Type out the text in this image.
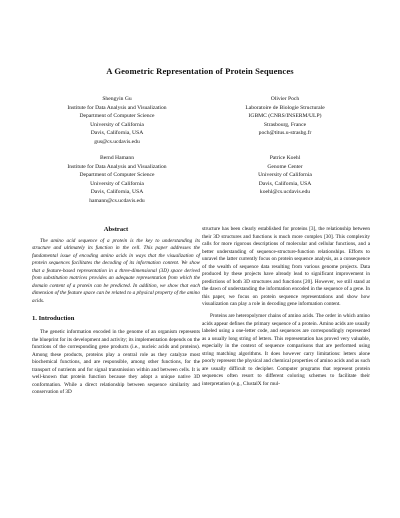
A Geometric Representation of Protein Sequences
Shengyin Gu
Institute for Data Analysis and Visualization
Department of Computer Science
University of California
Davis, California, USA
gus@cs.ucdavis.edu
Olivier Poch
Laboratoire de Biologie Structurale
IGBMC (CNRS/INSERM/ULP)
Strasbourg, France
poch@titus.u-strasbg.fr
Bernd Hamann
Institute for Data Analysis and Visualization
Department of Computer Science
University of California
Davis, California, USA
hamann@cs.ucdavis.edu
Patrice Koehl
Genome Center
University of California
Davis, California, USA
koehl@cs.ucdavis.edu
Abstract

The amino acid sequence of a protein is the key to understanding its structure and ultimately its function in the cell. This paper addresses the fundamental issue of encoding amino acids in ways that the visualization of protein sequences facilitates the decoding of its information content. We show that a feature-based representation in a three-dimensional (3D) space derived from substitution matrices provides an adequate representation from which the domain content of a protein can be predicted. In addition, we show that each dimension of the feature space can be related to a physical property of the amino acids.

1. Introduction

The genetic information encoded in the genome of an organism represents the blueprint for its development and activity; its implementation depends on the functions of the corresponding gene products (i.e., nucleic acids and proteins). Among these products, proteins play a central role as they catalyze most biochemical functions, and are responsible, among other functions, for the transport of nutrients and for signal transmission within and between cells. It is well-known that protein function because they adopt a unique native 3D conformation. While a direct relationship between sequence similarity and conservation of 3D

structure has been clearly established for proteins [3], the relationship between their 3D structures and functions is much more complex [30]. This complexity calls for more rigorous descriptions of molecular and cellular functions, and a better understanding of sequence-structure-function relationships. Efforts to unravel the latter currently focus on protein sequence analysis, as a consequence of the wealth of sequence data resulting from various genome projects. Data produced by these projects have already lead to significant improvement in predictions of both 3D structures and functions [20]. However, we still stand at the dawn of understanding the information encoded in the sequence of a gene. In this paper, we focus on protein sequence representations and show how visualization can play a role in decoding gene information content.

Proteins are heteropolymer chains of amino acids. The order in which amino acids appear defines the primary sequence of a protein. Amino acids are usually labeled using a one-letter code, and sequences are correspondingly represented as a usually long string of letters. This representation has proved very valuable, especially in the context of sequence comparisons that are performed using string matching algorithms. It does however carry limitations: letters alone poorly represent the physical and chemical properties of amino acids and as such are usually difficult to decipher. Computer programs that represent protein sequences often resort to different coloring schemes to facilitate their interpretation (e.g., ClustalX for mul-
